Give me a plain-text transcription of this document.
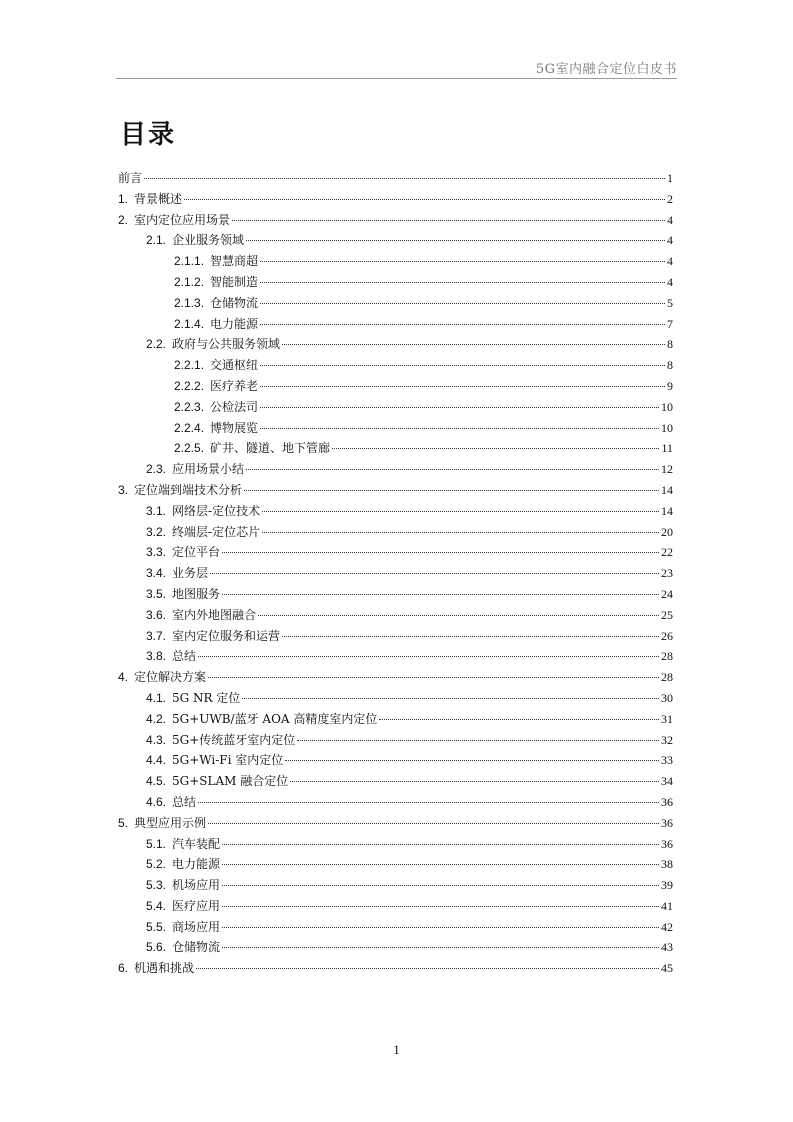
5G室内融合定位白皮书
目录
前言	1
1. 背景概述	2
2. 室内定位应用场景	4
2.1. 企业服务领域	4
2.1.1. 智慧商超	4
2.1.2. 智能制造	4
2.1.3. 仓储物流	5
2.1.4. 电力能源	7
2.2. 政府与公共服务领域	8
2.2.1. 交通枢纽	8
2.2.2. 医疗养老	9
2.2.3. 公检法司	10
2.2.4. 博物展览	10
2.2.5. 矿井、隧道、地下管廊	11
2.3. 应用场景小结	12
3. 定位端到端技术分析	14
3.1. 网络层-定位技术	14
3.2. 终端层-定位芯片	20
3.3. 定位平台	22
3.4. 业务层	23
3.5. 地图服务	24
3.6. 室内外地图融合	25
3.7. 室内定位服务和运营	26
3.8. 总结	28
4. 定位解决方案	28
4.1. 5G NR 定位	30
4.2. 5G+UWB/蓝牙 AOA 高精度室内定位	31
4.3. 5G+传统蓝牙室内定位	32
4.4. 5G+Wi-Fi 室内定位	33
4.5. 5G+SLAM 融合定位	34
4.6. 总结	36
5. 典型应用示例	36
5.1. 汽车装配	36
5.2. 电力能源	38
5.3. 机场应用	39
5.4. 医疗应用	41
5.5. 商场应用	42
5.6. 仓储物流	43
6. 机遇和挑战	45
1
